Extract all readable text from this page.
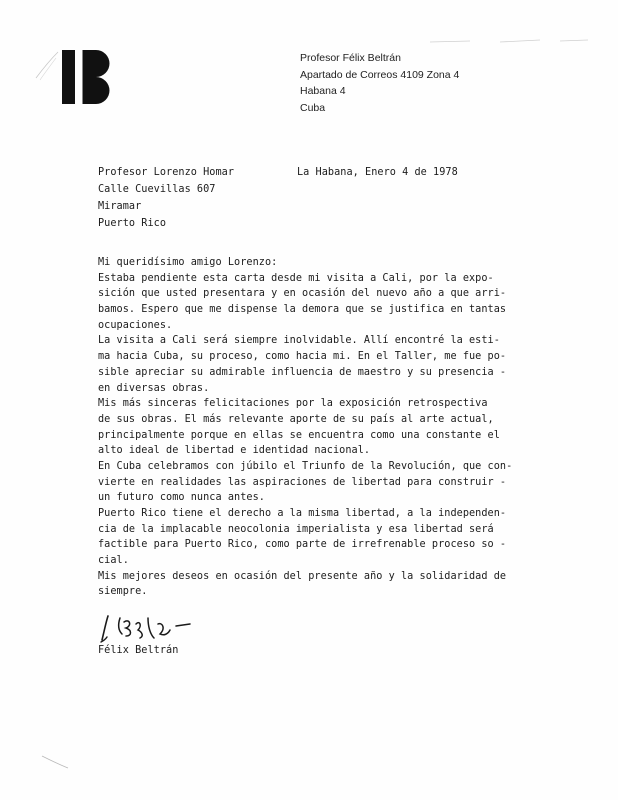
Profesor Félix Beltrán
Apartado de Correos 4109 Zona 4
Habana 4
Cuba
Profesor Lorenzo Homar
Calle Cuevillas 607
Miramar
Puerto Rico
La Habana, Enero 4 de 1978
Mi queridísimo amigo Lorenzo:
Estaba pendiente esta carta desde mi visita a Cali, por la expo-
sición que usted presentara y en ocasión del nuevo año a que arri-
bamos. Espero que me dispense la demora que se justifica en tantas
ocupaciones.
La visita a Cali será siempre inolvidable. Allí encontré la esti-
ma hacia Cuba, su proceso, como hacia mi. En el Taller, me fue po-
sible apreciar su admirable influencia de maestro y su presencia -
en diversas obras.
Mis más sinceras felicitaciones por la exposición retrospectiva
de sus obras. El más relevante aporte de su país al arte actual,
principalmente porque en ellas se encuentra como una constante el
alto ideal de libertad e identidad nacional.
En Cuba celebramos con júbilo el Triunfo de la Revolución, que con-
vierte en realidades las aspiraciones de libertad para construir -
un futuro como nunca antes.
Puerto Rico tiene el derecho a la misma libertad, a la independen-
cia de la implacable neocolonia imperialista y esa libertad será
factible para Puerto Rico, como parte de irrefrenable proceso so -
cial.
Mis mejores deseos en ocasión del presente año y la solidaridad de
siempre.
Félix Beltrán
